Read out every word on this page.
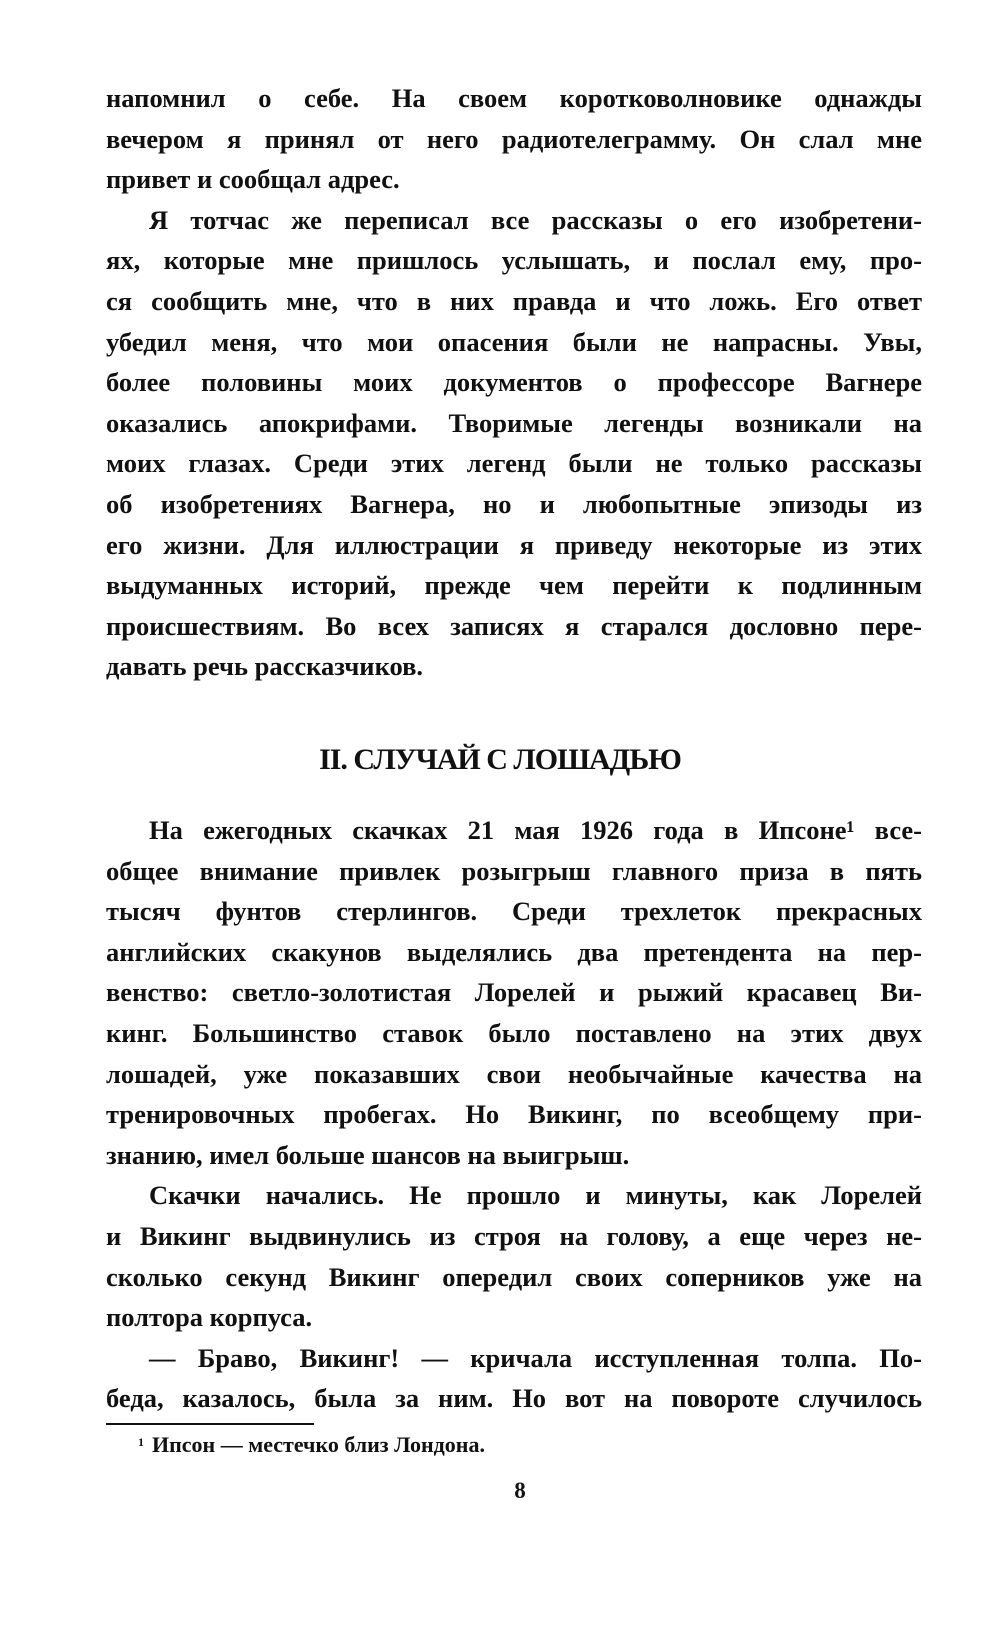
напомнил о себе. На своем коротковолновике однажды
вечером я принял от него радиотелеграмму. Он слал мне
привет и сообщал адрес.
Я тотчас же переписал все рассказы о его изобретени-
ях, которые мне пришлось услышать, и послал ему, про-
ся сообщить мне, что в них правда и что ложь. Его ответ
убедил меня, что мои опасения были не напрасны. Увы,
более половины моих документов о профессоре Вагнере
оказались апокрифами. Творимые легенды возникали на
моих глазах. Среди этих легенд были не только рассказы
об изобретениях Вагнера, но и любопытные эпизоды из
его жизни. Для иллюстрации я приведу некоторые из этих
выдуманных историй, прежде чем перейти к подлинным
происшествиям. Во всех записях я старался дословно пере-
давать речь рассказчиков.
II. СЛУЧАЙ С ЛОШАДЬЮ
На ежегодных скачках 21 мая 1926 года в Ипсоне¹ все-
общее внимание привлек розыгрыш главного приза в пять
тысяч фунтов стерлингов. Среди трехлеток прекрасных
английских скакунов выделялись два претендента на пер-
венство: светло-золотистая Лорелей и рыжий красавец Ви-
кинг. Большинство ставок было поставлено на этих двух
лошадей, уже показавших свои необычайные качества на
тренировочных пробегах. Но Викинг, по всеобщему при-
знанию, имел больше шансов на выигрыш.
Скачки начались. Не прошло и минуты, как Лорелей
и Викинг выдвинулись из строя на голову, а еще через не-
сколько секунд Викинг опередил своих соперников уже на
полтора корпуса.
— Браво, Викинг! — кричала исступленная толпа. По-
беда, казалось, была за ним. Но вот на повороте случилось
$^1$ Ипсон — местечко близ Лондона.
8
